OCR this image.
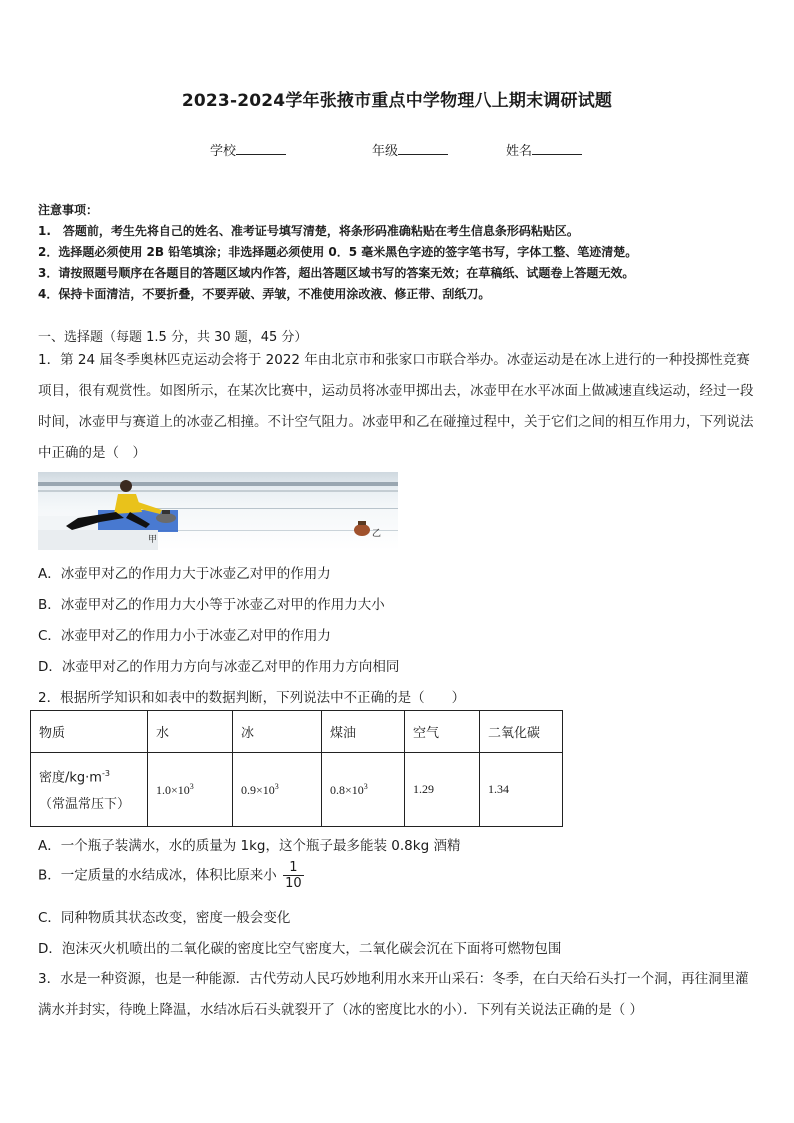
2023-2024学年张掖市重点中学物理八上期末调研试题
学校	年级	姓名
注意事项：
1.　答题前，考生先将自己的姓名、准考证号填写清楚，将条形码准确粘贴在考生信息条形码粘贴区。
2．选择题必须使用 2B 铅笔填涂；非选择题必须使用 0．5 毫米黑色字迹的签字笔书写，字体工整、笔迹清楚。
3．请按照题号顺序在各题目的答题区域内作答，超出答题区域书写的答案无效；在草稿纸、试题卷上答题无效。
4．保持卡面清洁，不要折叠，不要弄破、弄皱，不准使用涂改液、修正带、刮纸刀。
一、选择题（每题 1.5 分，共 30 题，45 分）
1．第 24 届冬季奥林匹克运动会将于 2022 年由北京市和张家口市联合举办。冰壶运动是在冰上进行的一种投掷性竞赛项目，很有观赏性。如图所示，在某次比赛中，运动员将冰壶甲掷出去，冰壶甲在水平冰面上做减速直线运动，经过一段时间，冰壶甲与赛道上的冰壶乙相撞。不计空气阻力。冰壶甲和乙在碰撞过程中，关于它们之间的相互作用力，下列说法中正确的是（　）
甲
乙
A．冰壶甲对乙的作用力大于冰壶乙对甲的作用力
B．冰壶甲对乙的作用力大小等于冰壶乙对甲的作用力大小
C．冰壶甲对乙的作用力小于冰壶乙对甲的作用力
D．冰壶甲对乙的作用力方向与冰壶乙对甲的作用力方向相同
2．根据所学知识和如表中的数据判断，下列说法中不正确的是（　　）
物质	水	冰	煤油	空气	二氧化碳
密度$/kg\cdot m^{-3}$
（常温常压下）	$1.0\times 10^3$	$0.9\times 10^3$	$0.8\times 10^3$	1.29	1.34
A．一个瓶子装满水，水的质量为 1kg，这个瓶子最多能装 0.8kg 酒精
B．一定质量的水结成冰，体积比原来小 $\frac{1}{10}$
C．同种物质其状态改变，密度一般会变化
D．泡沫灭火机喷出的二氧化碳的密度比空气密度大，二氧化碳会沉在下面将可燃物包围
3．水是一种资源，也是一种能源．古代劳动人民巧妙地利用水来开山采石：冬季，在白天给石头打一个洞，再往洞里灌满水并封实，待晚上降温，水结冰后石头就裂开了（冰的密度比水的小）．下列有关说法正确的是（ ）
